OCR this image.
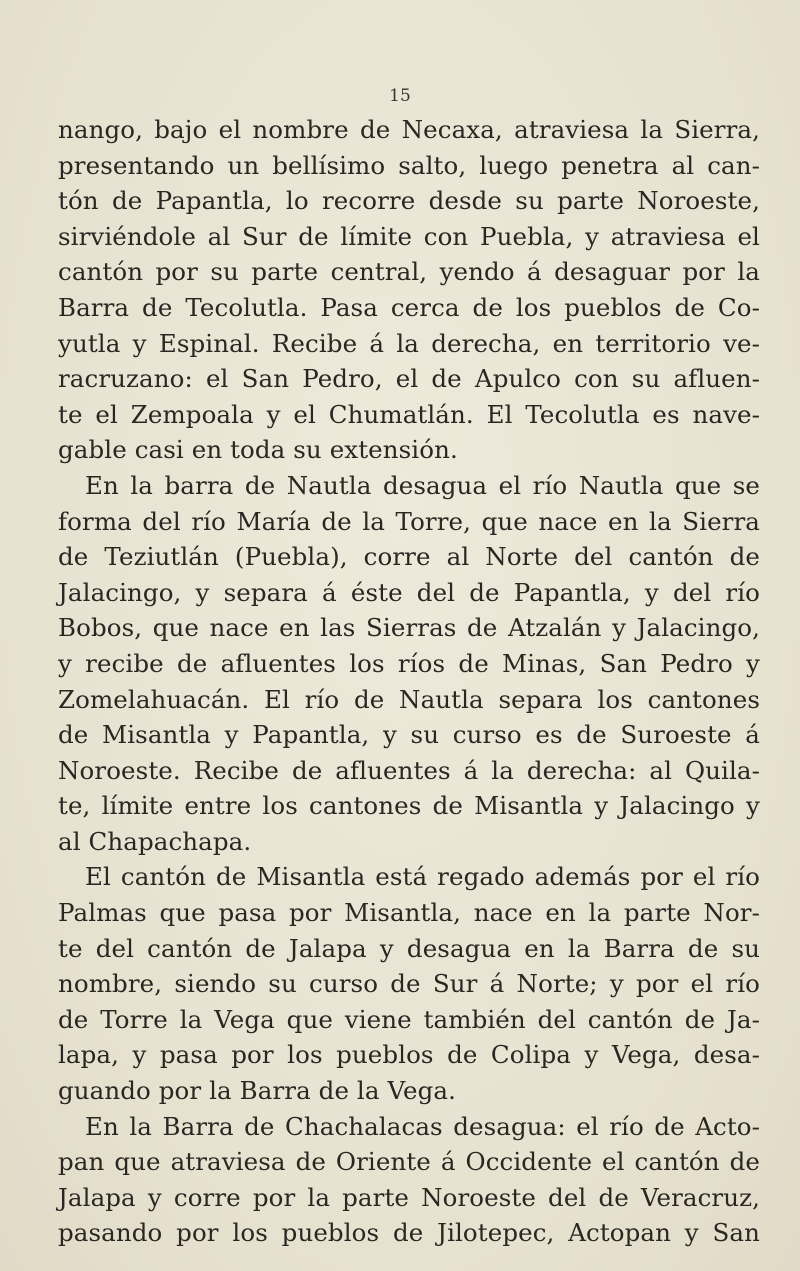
15
nango, bajo el nombre de Necaxa, atraviesa la Sierra,
presentando un bellísimo salto, luego penetra al can-
tón de Papantla, lo recorre desde su parte Noroeste,
sirviéndole al Sur de límite con Puebla, y atraviesa el
cantón por su parte central, yendo á desaguar por la
Barra de Tecolutla. Pasa cerca de los pueblos de Co-
yutla y Espinal. Recibe á la derecha, en territorio ve-
racruzano: el San Pedro, el de Apulco con su afluen-
te el Zempoala y el Chumatlán. El Tecolutla es nave-
gable casi en toda su extensión.
En la barra de Nautla desagua el río Nautla que se
forma del río María de la Torre, que nace en la Sierra
de Teziutlán (Puebla), corre al Norte del cantón de
Jalacingo, y separa á éste del de Papantla, y del río
Bobos, que nace en las Sierras de Atzalán y Jalacingo,
y recibe de afluentes los ríos de Minas, San Pedro y
Zomelahuacán. El río de Nautla separa los cantones
de Misantla y Papantla, y su curso es de Suroeste á
Noroeste. Recibe de afluentes á la derecha: al Quila-
te, límite entre los cantones de Misantla y Jalacingo y
al Chapachapa.
El cantón de Misantla está regado además por el río
Palmas que pasa por Misantla, nace en la parte Nor-
te del cantón de Jalapa y desagua en la Barra de su
nombre, siendo su curso de Sur á Norte; y por el río
de Torre la Vega que viene también del cantón de Ja-
lapa, y pasa por los pueblos de Colipa y Vega, desa-
guando por la Barra de la Vega.
En la Barra de Chachalacas desagua: el río de Acto-
pan que atraviesa de Oriente á Occidente el cantón de
Jalapa y corre por la parte Noroeste del de Veracruz,
pasando por los pueblos de Jilotepec, Actopan y San
